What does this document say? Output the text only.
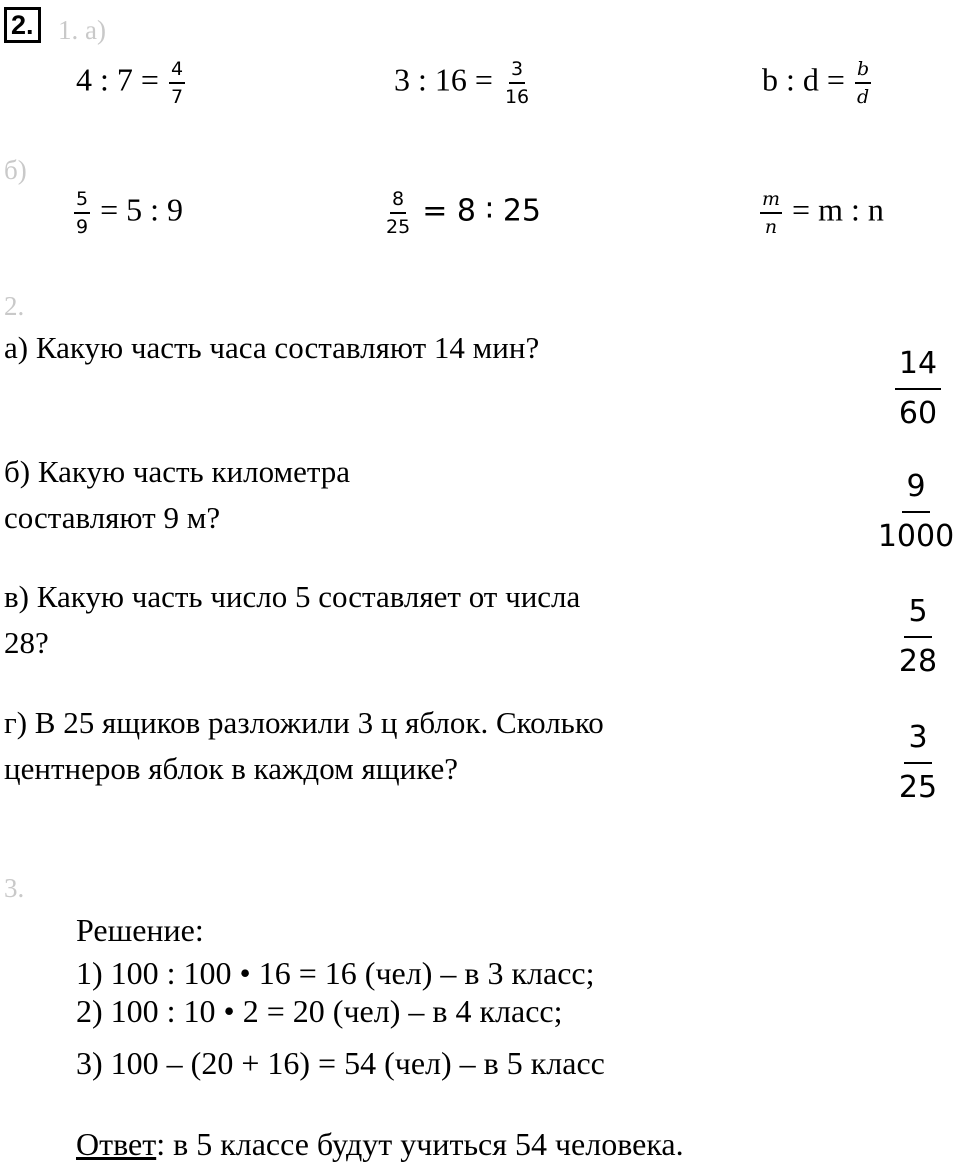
2. 1. а)
4 : $7 = \frac{4}{7}$	3 : $16 = \frac{3}{16}$	b : $d = \frac{b}{d}$
б)
$\frac{5}{9} = 5$ : 9	$\frac{8}{25} = 8$ ∶ 25	$\frac{m}{n} = m$ : n
2.
а) Какую часть часа составляют 14 мин?	14
60
б) Какую часть километра составляют 9 м?
9
1000
в) Какую часть число 5 составляет от числа 28?
5
28
г) В 25 ящиков разложили 3 ц яблок. Сколько центнеров яблок в каждом ящике?
3
25
3.
Решение:
1) 100 : 100 • 16 = 16 (чел) – в 3 класс;
2) 100 : 10 • 2 = 20 (чел) – в 4 класс;
3) 100 – (20 + 16) = 54 (чел) – в 5 класс
Ответ: в 5 классе будут учиться 54 человека.
